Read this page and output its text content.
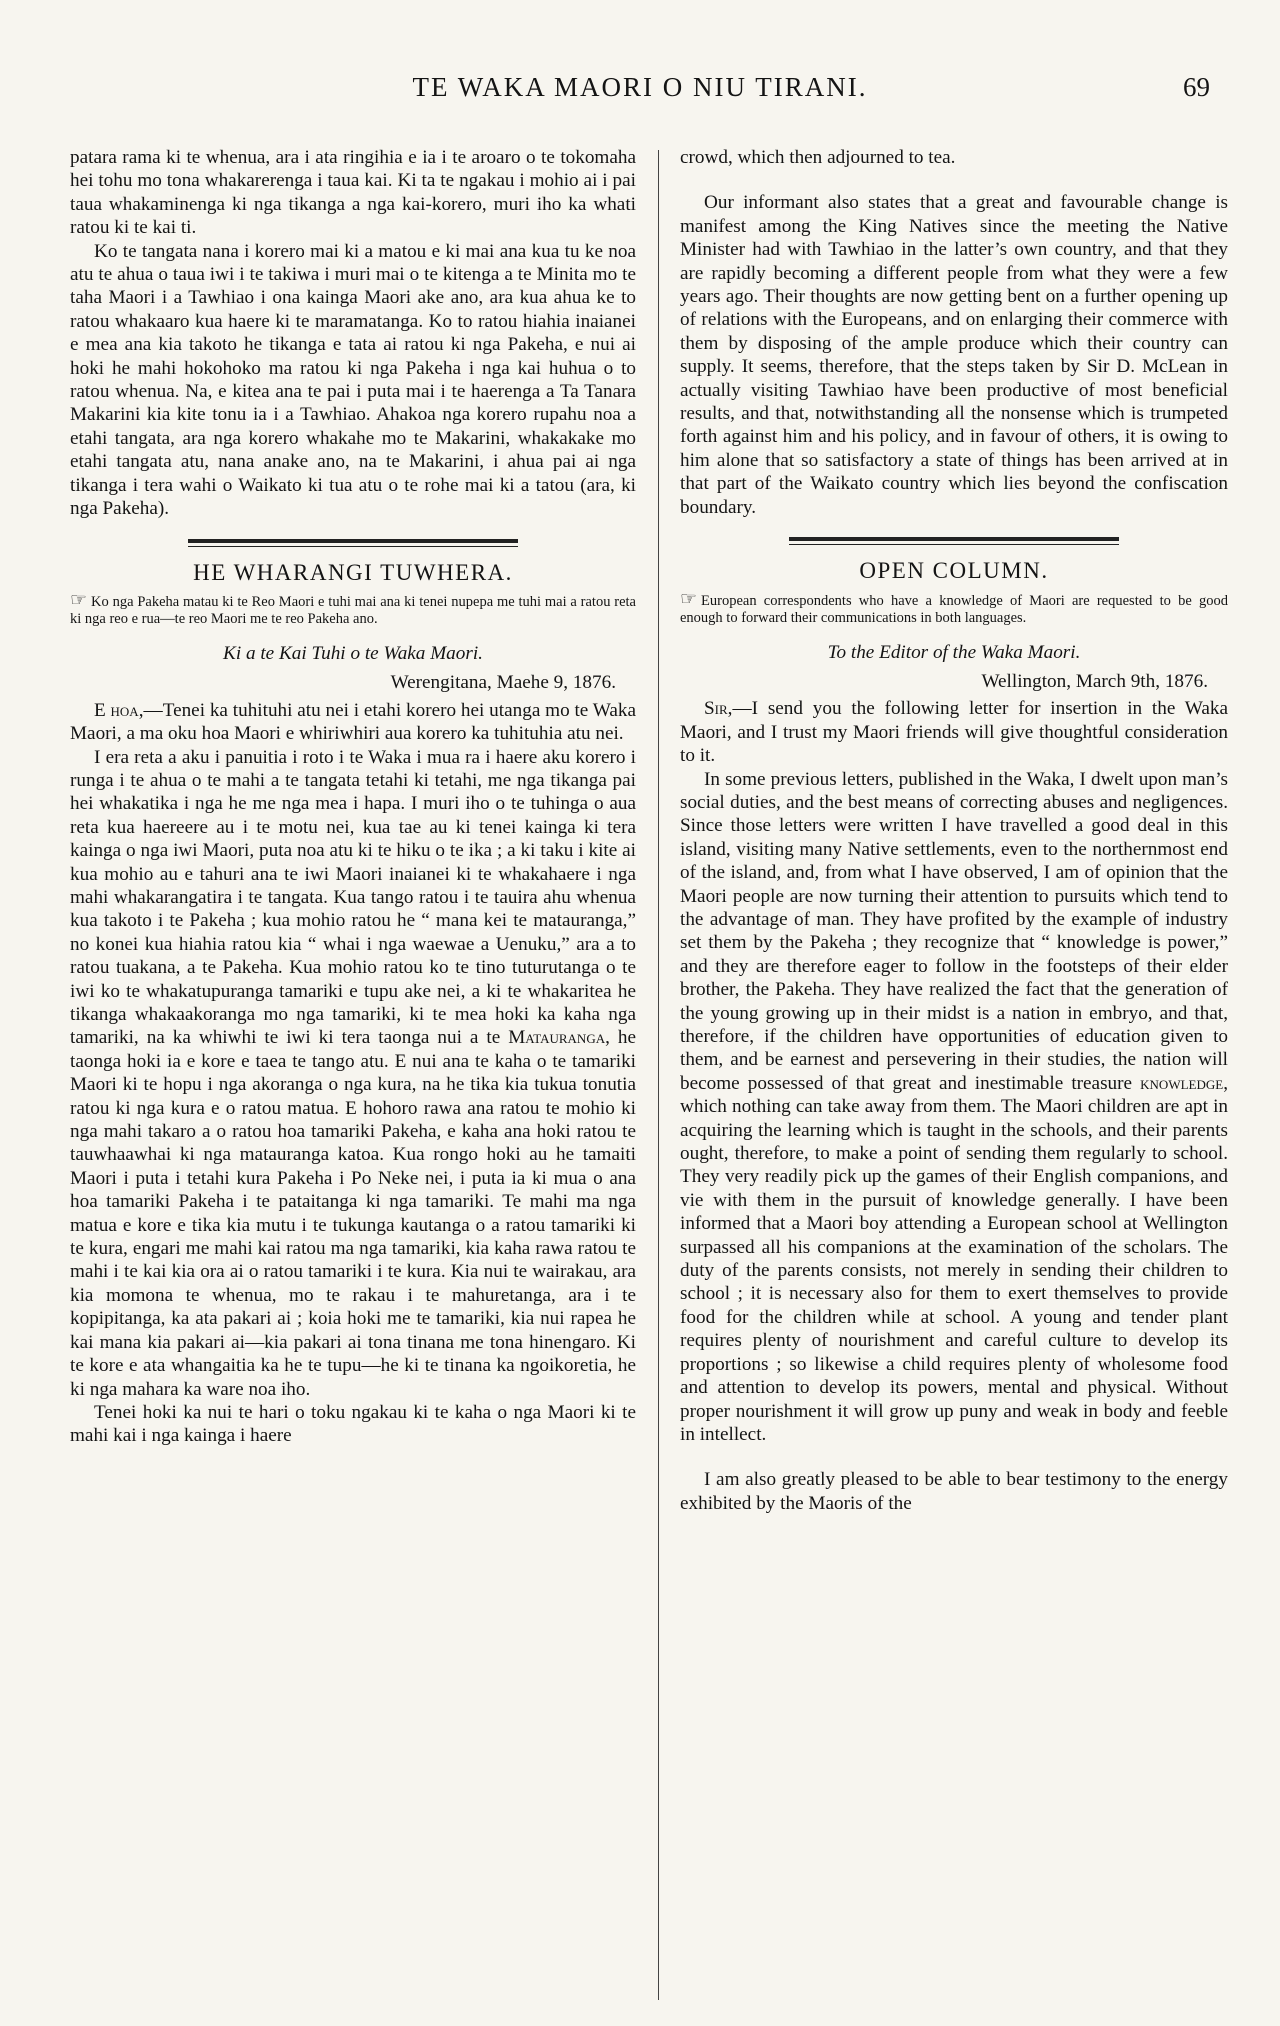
TE WAKA MAORI O NIU TIRANI.	69

patara rama ki te whenua, ara i ata ringihia e ia i te aroaro o te tokomaha hei tohu mo tona whakarerenga i taua kai. Ki ta te ngakau i mohio ai i pai taua whakaminenga ki nga tikanga a nga kai-korero, muri iho ka whati ratou ki te kai ti.

Ko te tangata nana i korero mai ki a matou e ki mai ana kua tu ke noa atu te ahua o taua iwi i te takiwa i muri mai o te kitenga a te Minita mo te taha Maori i a Tawhiao i ona kainga Maori ake ano, ara kua ahua ke to ratou whakaaro kua haere ki te maramatanga. Ko to ratou hiahia inaianei e mea ana kia takoto he tikanga e tata ai ratou ki nga Pakeha, e nui ai hoki he mahi hokohoko ma ratou ki nga Pakeha i nga kai huhua o to ratou whenua. Na, e kitea ana te pai i puta mai i te haerenga a Ta Tanara Makarini kia kite tonu ia i a Tawhiao. Ahakoa nga korero rupahu noa a etahi tangata, ara nga korero whakahe mo te Makarini, whakakake mo etahi tangata atu, nana anake ano, na te Makarini, i ahua pai ai nga tikanga i tera wahi o Waikato ki tua atu o te rohe mai ki a tatou (ara, ki nga Pakeha).

HE WHARANGI TUWHERA.
☞ Ko nga Pakeha matau ki te Reo Maori e tuhi mai ana ki tenei nupepa me tuhi mai a ratou reta ki nga reo e rua—te reo Maori me te reo Pakeha ano.
Ki a te Kai Tuhi o te Waka Maori.
Werengitana, Maehe 9, 1876.

E hoa,—Tenei ka tuhituhi atu nei i etahi korero hei utanga mo te Waka Maori, a ma oku hoa Maori e whiriwhiri aua korero ka tuhituhia atu nei.

I era reta a aku i panuitia i roto i te Waka i mua ra i haere aku korero i runga i te ahua o te mahi a te tangata tetahi ki tetahi, me nga tikanga pai hei whakatika i nga he me nga mea i hapa. I muri iho o te tuhinga o aua reta kua haereere au i te motu nei, kua tae au ki tenei kainga ki tera kainga o nga iwi Maori, puta noa atu ki te hiku o te ika ; a ki taku i kite ai kua mohio au e tahuri ana te iwi Maori inaianei ki te whakahaere i nga mahi whakarangatira i te tangata. Kua tango ratou i te tauira ahu whenua kua takoto i te Pakeha ; kua mohio ratou he “ mana kei te matauranga,” no konei kua hiahia ratou kia “ whai i nga waewae a Uenuku,” ara a to ratou tuakana, a te Pakeha. Kua mohio ratou ko te tino tuturutanga o te iwi ko te whakatupuranga tamariki e tupu ake nei, a ki te whakaritea he tikanga whakaakoranga mo nga tamariki, ki te mea hoki ka kaha nga tamariki, na ka whiwhi te iwi ki tera taonga nui a te Matauranga, he taonga hoki ia e kore e taea te tango atu. E nui ana te kaha o te tamariki Maori ki te hopu i nga akoranga o nga kura, na he tika kia tukua tonutia ratou ki nga kura e o ratou matua. E hohoro rawa ana ratou te mohio ki nga mahi takaro a o ratou hoa tamariki Pakeha, e kaha ana hoki ratou te tauwhaawhai ki nga matauranga katoa. Kua rongo hoki au he tamaiti Maori i puta i tetahi kura Pakeha i Po Neke nei, i puta ia ki mua o ana hoa tamariki Pakeha i te pataitanga ki nga tamariki. Te mahi ma nga matua e kore e tika kia mutu i te tukunga kautanga o a ratou tamariki ki te kura, engari me mahi kai ratou ma nga tamariki, kia kaha rawa ratou te mahi i te kai kia ora ai o ratou tamariki i te kura. Kia nui te wairakau, ara kia momona te whenua, mo te rakau i te mahuretanga, ara i te kopipitanga, ka ata pakari ai ; koia hoki me te tamariki, kia nui rapea he kai mana kia pakari ai—kia pakari ai tona tinana me tona hinengaro. Ki te kore e ata whangaitia ka he te tupu—he ki te tinana ka ngoikoretia, he ki nga mahara ka ware noa iho.

Tenei hoki ka nui te hari o toku ngakau ki te kaha o nga Maori ki te mahi kai i nga kainga i haere

crowd, which then adjourned to tea.

Our informant also states that a great and favourable change is manifest among the King Natives since the meeting the Native Minister had with Tawhiao in the latter’s own country, and that they are rapidly becoming a different people from what they were a few years ago. Their thoughts are now getting bent on a further opening up of relations with the Europeans, and on enlarging their commerce with them by disposing of the ample produce which their country can supply. It seems, therefore, that the steps taken by Sir D. McLean in actually visiting Tawhiao have been productive of most beneficial results, and that, notwithstanding all the nonsense which is trumpeted forth against him and his policy, and in favour of others, it is owing to him alone that so satisfactory a state of things has been arrived at in that part of the Waikato country which lies beyond the confiscation boundary.

OPEN COLUMN.
☞ European correspondents who have a knowledge of Maori are requested to be good enough to forward their communications in both languages.
To the Editor of the Waka Maori.
Wellington, March 9th, 1876.

Sir,—I send you the following letter for insertion in the Waka Maori, and I trust my Maori friends will give thoughtful consideration to it.

In some previous letters, published in the Waka, I dwelt upon man’s social duties, and the best means of correcting abuses and negligences. Since those letters were written I have travelled a good deal in this island, visiting many Native settlements, even to the northernmost end of the island, and, from what I have observed, I am of opinion that the Maori people are now turning their attention to pursuits which tend to the advantage of man. They have profited by the example of industry set them by the Pakeha ; they recognize that “ knowledge is power,” and they are therefore eager to follow in the footsteps of their elder brother, the Pakeha. They have realized the fact that the generation of the young growing up in their midst is a nation in embryo, and that, therefore, if the children have opportunities of education given to them, and be earnest and persevering in their studies, the nation will become possessed of that great and inestimable treasure knowledge, which nothing can take away from them. The Maori children are apt in acquiring the learning which is taught in the schools, and their parents ought, therefore, to make a point of sending them regularly to school. They very readily pick up the games of their English companions, and vie with them in the pursuit of knowledge generally. I have been informed that a Maori boy attending a European school at Wellington surpassed all his companions at the examination of the scholars. The duty of the parents consists, not merely in sending their children to school ; it is necessary also for them to exert themselves to provide food for the children while at school. A young and tender plant requires plenty of nourishment and careful culture to develop its proportions ; so likewise a child requires plenty of wholesome food and attention to develop its powers, mental and physical. Without proper nourishment it will grow up puny and weak in body and feeble in intellect.

I am also greatly pleased to be able to bear testimony to the energy exhibited by the Maoris of the
